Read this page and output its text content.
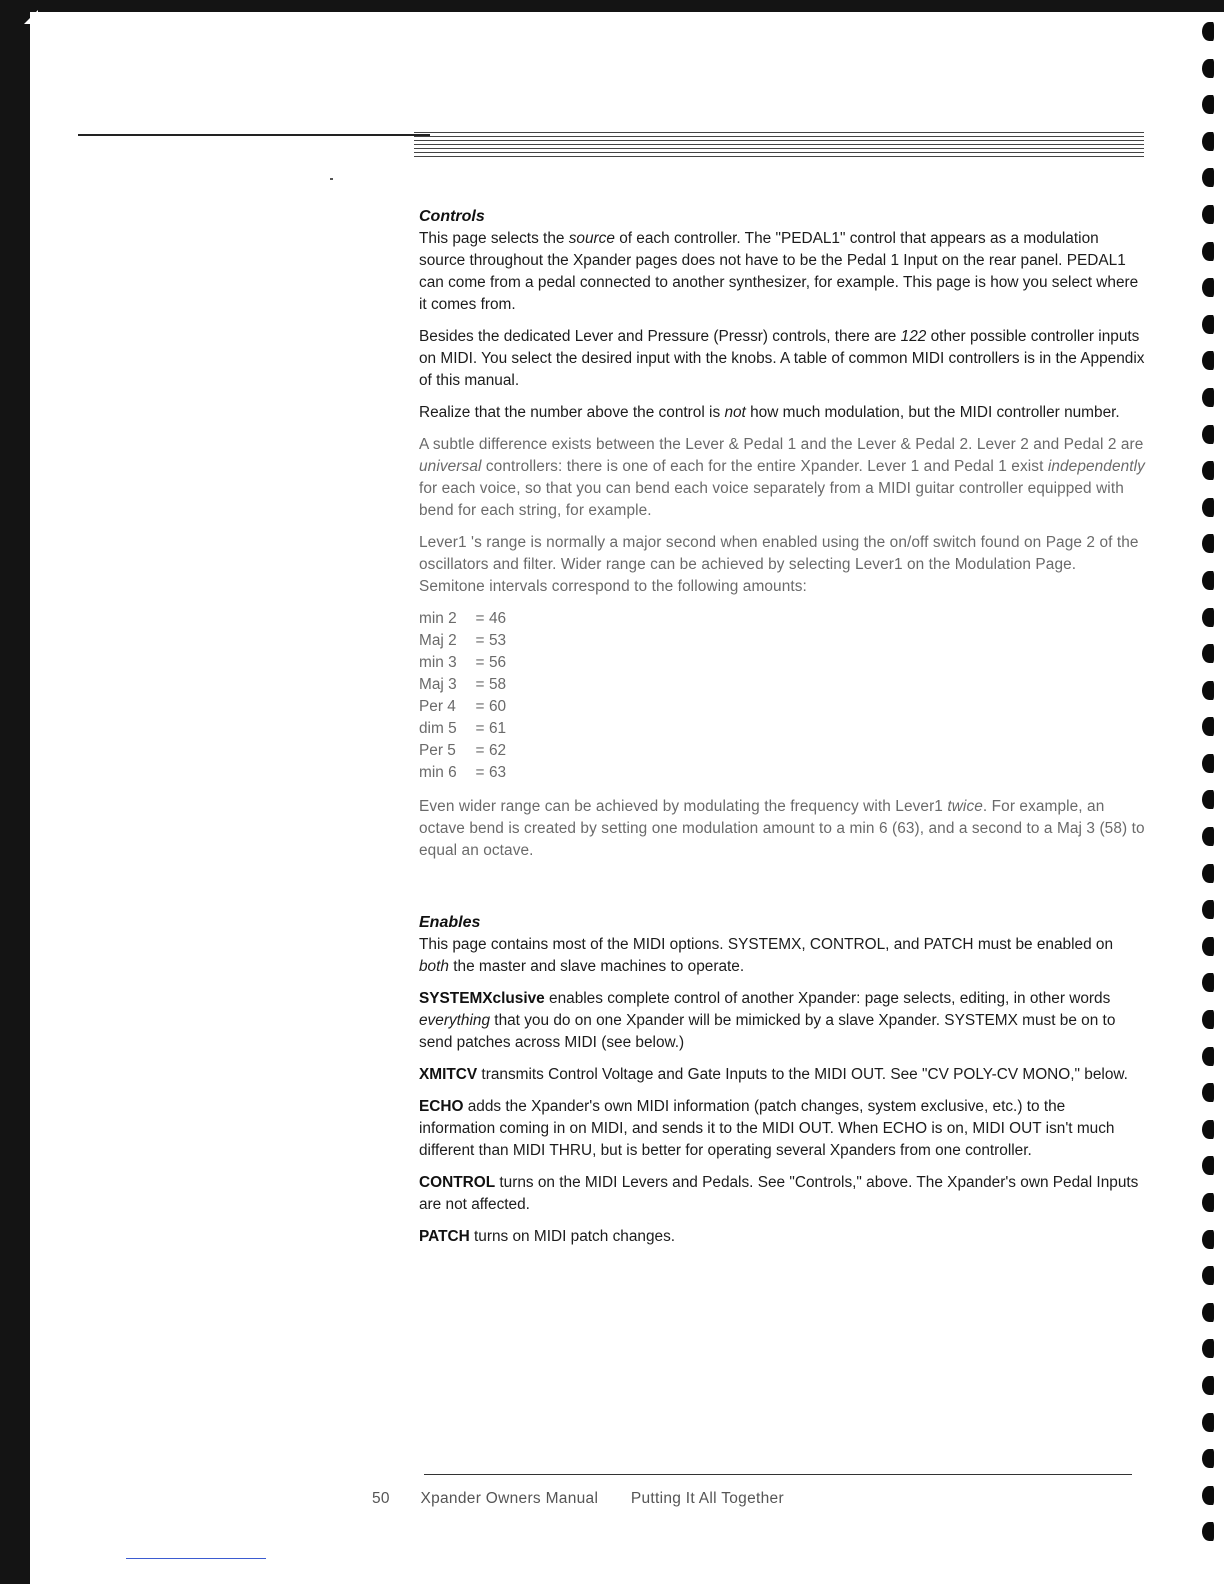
Controls

This page selects the source of each controller. The "PEDAL1" control that appears as a modulation source throughout the Xpander pages does not have to be the Pedal 1 Input on the rear panel. PEDAL1 can come from a pedal connected to another synthesizer, for example. This page is how you select where it comes from.

Besides the dedicated Lever and Pressure (Pressr) controls, there are 122 other possible controller inputs on MIDI. You select the desired input with the knobs. A table of common MIDI controllers is in the Appendix of this manual.

Realize that the number above the control is not how much modulation, but the MIDI controller number.

A subtle difference exists between the Lever & Pedal 1 and the Lever & Pedal 2. Lever 2 and Pedal 2 are universal controllers: there is one of each for the entire Xpander. Lever 1 and Pedal 1 exist independently for each voice, so that you can bend each voice separately from a MIDI guitar controller equipped with bend for each string, for example.

Lever1 's range is normally a major second when enabled using the on/off switch found on Page 2 of the oscillators and filter. Wider range can be achieved by selecting Lever1 on the Modulation Page. Semitone intervals correspond to the following amounts:

min 2	= 46
Maj 2	= 53
min 3	= 56
Maj 3	= 58
Per 4	= 60
dim 5	= 61
Per 5	= 62
min 6	= 63

Even wider range can be achieved by modulating the frequency with Lever1 twice. For example, an octave bend is created by setting one modulation amount to a min 6 (63), and a second to a Maj 3 (58) to equal an octave.

Enables

This page contains most of the MIDI options. SYSTEMX, CONTROL, and PATCH must be enabled on both the master and slave machines to operate.

SYSTEMXclusive enables complete control of another Xpander: page selects, editing, in other words everything that you do on one Xpander will be mimicked by a slave Xpander. SYSTEMX must be on to send patches across MIDI (see below.)

XMITCV transmits Control Voltage and Gate Inputs to the MIDI OUT. See "CV POLY-CV MONO," below.

ECHO adds the Xpander's own MIDI information (patch changes, system exclusive, etc.) to the information coming in on MIDI, and sends it to the MIDI OUT. When ECHO is on, MIDI OUT isn't much different than MIDI THRU, but is better for operating several Xpanders from one controller.

CONTROL turns on the MIDI Levers and Pedals. See "Controls," above. The Xpander's own Pedal Inputs are not affected.

PATCH turns on MIDI patch changes.

50 Xpander Owners Manual Putting It All Together
